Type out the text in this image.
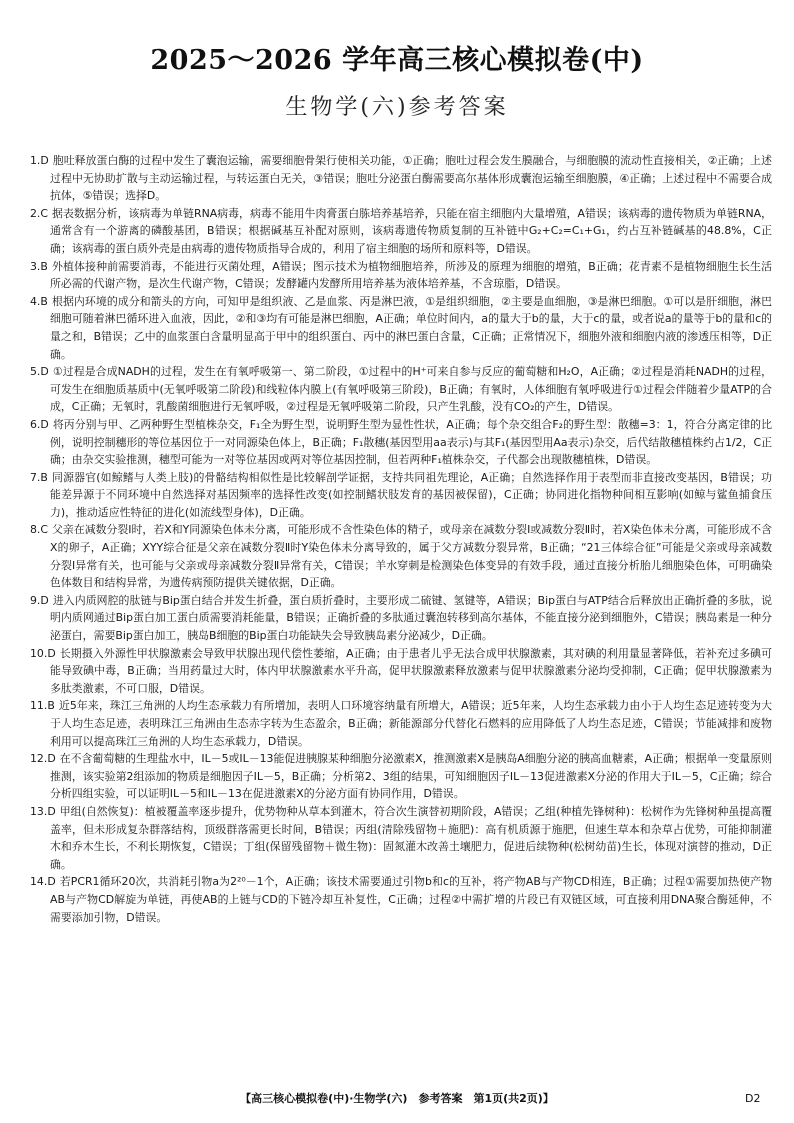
2025～2026 学年高三核心模拟卷(中)
生物学(六)参考答案

1.D 胞吐释放蛋白酶的过程中发生了囊泡运输，需要细胞骨架行使相关功能，①正确；胞吐过程会发生膜融合，与细胞膜的流动性直接相关，②正确；上述过程中无协助扩散与主动运输过程，与转运蛋白无关，③错误；胞吐分泌蛋白酶需要高尔基体形成囊泡运输至细胞膜，④正确；上述过程中不需要合成抗体，⑤错误；选择D。

2.C 据表数据分析，该病毒为单链RNA病毒，病毒不能用牛肉膏蛋白胨培养基培养，只能在宿主细胞内大量增殖，A错误；该病毒的遗传物质为单链RNA，通常含有一个游离的磷酸基团，B错误；根据碱基互补配对原则，该病毒遗传物质复制的互补链中G₂+C₂=C₁+G₁，约占互补链碱基的48.8%，C正确；该病毒的蛋白质外壳是由病毒的遗传物质指导合成的，利用了宿主细胞的场所和原料等，D错误。

3.B 外植体接种前需要消毒，不能进行灭菌处理，A错误；图示技术为植物细胞培养，所涉及的原理为细胞的增殖，B正确；花青素不是植物细胞生长生活所必需的代谢产物，是次生代谢产物，C错误；发酵罐内发酵所用培养基为液体培养基，不含琼脂，D错误。

4.B 根据内环境的成分和箭头的方向，可知甲是组织液、乙是血浆、丙是淋巴液，①是组织细胞，②主要是血细胞，③是淋巴细胞。①可以是肝细胞，淋巴细胞可随着淋巴循环进入血液，因此，②和③均有可能是淋巴细胞，A正确；单位时间内，a的量大于b的量，大于c的量，或者说a的量等于b的量和c的量之和，B错误；乙中的血浆蛋白含量明显高于甲中的组织蛋白、丙中的淋巴蛋白含量，C正确；正常情况下，细胞外液和细胞内液的渗透压相等，D正确。

5.D ①过程是合成NADH的过程，发生在有氧呼吸第一、第二阶段，①过程中的H⁺可来自参与反应的葡萄糖和H₂O，A正确；②过程是消耗NADH的过程，可发生在细胞质基质中(无氧呼吸第二阶段)和线粒体内膜上(有氧呼吸第三阶段)，B正确；有氧时，人体细胞有氧呼吸进行①过程会伴随着少量ATP的合成，C正确；无氧时，乳酸菌细胞进行无氧呼吸，②过程是无氧呼吸第二阶段，只产生乳酸，没有CO₂的产生，D错误。

6.D 将丙分别与甲、乙两种野生型植株杂交，F₁全为野生型，说明野生型为显性性状，A正确；每个杂交组合F₂的野生型：散穗=3：1，符合分离定律的比例，说明控制穗形的等位基因位于一对同源染色体上，B正确；F₁散穗(基因型用aa表示)与其F₁(基因型用Aa表示)杂交，后代结散穗植株约占1/2，C正确；由杂交实验推测，穗型可能为一对等位基因或两对等位基因控制，但若两种F₁植株杂交，子代都会出现散穗植株，D错误。

7.B 同源器官(如鲸鳍与人类上肢)的骨骼结构相似性是比较解剖学证据，支持共同祖先理论，A正确；自然选择作用于表型而非直接改变基因，B错误；功能差异源于不同环境中自然选择对基因频率的选择性改变(如控制鳍状肢发育的基因被保留)，C正确；协同进化指物种间相互影响(如鲸与鲨鱼捕食压力)，推动适应性特征的进化(如流线型身体)，D正确。

8.C 父亲在减数分裂Ⅰ时，若X和Y同源染色体未分离，可能形成不含性染色体的精子，或母亲在减数分裂Ⅰ或减数分裂Ⅱ时，若X染色体未分离，可能形成不含X的卵子，A正确；XYY综合征是父亲在减数分裂Ⅱ时Y染色体未分离导致的，属于父方减数分裂异常，B正确；“21三体综合征”可能是父亲或母亲减数分裂Ⅰ异常有关，也可能与父亲或母亲减数分裂Ⅱ异常有关，C错误；羊水穿刺是检测染色体变异的有效手段，通过直接分析胎儿细胞染色体，可明确染色体数目和结构异常，为遗传病预防提供关键依据，D正确。

9.D 进入内质网腔的肽链与Bip蛋白结合并发生折叠，蛋白质折叠时，主要形成二硫键、氢键等，A错误；Bip蛋白与ATP结合后释放出正确折叠的多肽，说明内质网通过Bip蛋白加工蛋白质需要消耗能量，B错误；正确折叠的多肽通过囊泡转移到高尔基体，不能直接分泌到细胞外，C错误；胰岛素是一种分泌蛋白，需要Bip蛋白加工，胰岛B细胞的Bip蛋白功能缺失会导致胰岛素分泌减少，D正确。

10.D 长期摄入外源性甲状腺激素会导致甲状腺出现代偿性萎缩，A正确；由于患者儿乎无法合成甲状腺激素，其对碘的利用量显著降低，若补充过多碘可能导致碘中毒，B正确；当用药量过大时，体内甲状腺激素水平升高，促甲状腺激素释放激素与促甲状腺激素分泌均受抑制，C正确；促甲状腺激素为多肽类激素，不可口服，D错误。

11.B 近5年来，珠江三角洲的人均生态承载力有所增加，表明人口环境容纳量有所增大，A错误；近5年来，人均生态承载力由小于人均生态足迹转变为大于人均生态足迹，表明珠江三角洲由生态赤字转为生态盈余，B正确；新能源部分代替化石燃料的应用降低了人均生态足迹，C错误；节能减排和废物利用可以提高珠江三角洲的人均生态承载力，D错误。

12.D 在不含葡萄糖的生理盐水中，IL－5或IL－13能促进胰腺某种细胞分泌激素X，推测激素X是胰岛A细胞分泌的胰高血糖素，A正确；根据单一变量原则推测，该实验第2组添加的物质是细胞因子IL－5，B正确；分析第2、3组的结果，可知细胞因子IL－13促进激素X分泌的作用大于IL－5，C正确；综合分析四组实验，可以证明IL－5和IL－13在促进激素X的分泌方面有协同作用，D错误。

13.D 甲组(自然恢复)：植被覆盖率逐步提升，优势物种从草本到灌木，符合次生演替初期阶段，A错误；乙组(种植先锋树种)：松树作为先锋树种虽提高覆盖率，但未形成复杂群落结构，顶级群落需更长时间，B错误；丙组(清除残留物＋施肥)：高有机质源于施肥，但速生草本和杂草占优势，可能抑制灌木和乔木生长，不利长期恢复，C错误；丁组(保留残留物＋微生物)：固氮灌木改善土壤肥力，促进后续物种(松树幼苗)生长，体现对演替的推动，D正确。

14.D 若PCR1循环20次，共消耗引物a为2²⁰－1个，A正确；该技术需要通过引物b和c的互补，将产物AB与产物CD相连，B正确；过程①需要加热使产物AB与产物CD解旋为单链，再使AB的上链与CD的下链冷却互补复性，C正确；过程②中需扩增的片段已有双链区域，可直接利用DNA聚合酶延伸，不需要添加引物，D错误。

【高三核心模拟卷(中)·生物学(六)　参考答案　第1页(共2页)】	D2
